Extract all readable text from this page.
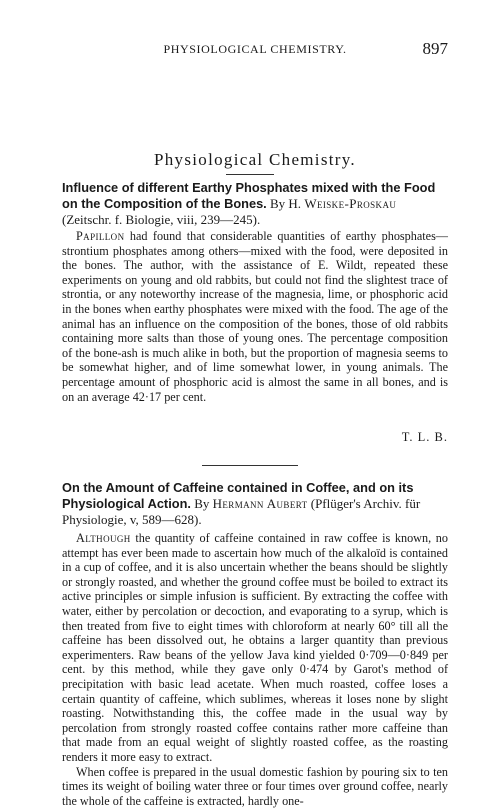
PHYSIOLOGICAL CHEMISTRY.	897
Physiological Chemistry.
Influence of different Earthy Phosphates mixed with the Food on the Composition of the Bones. By H. Weiske-Proskau (Zeitschr. f. Biologie, viii, 239—245).

Papillon had found that considerable quantities of earthy phosphates—strontium phosphates among others—mixed with the food, were deposited in the bones. The author, with the assistance of E. Wildt, repeated these experiments on young and old rabbits, but could not find the slightest trace of strontia, or any noteworthy increase of the magnesia, lime, or phosphoric acid in the bones when earthy phosphates were mixed with the food. The age of the animal has an influence on the composition of the bones, those of old rabbits containing more salts than those of young ones. The percentage composition of the bone-ash is much alike in both, but the proportion of magnesia seems to be somewhat higher, and of lime somewhat lower, in young animals. The percentage amount of phosphoric acid is almost the same in all bones, and is on an average 42·17 per cent.

T. L. B.
On the Amount of Caffeine contained in Coffee, and on its Physiological Action. By Hermann Aubert (Pflüger's Archiv. für Physiologie, v, 589—628).

Although the quantity of caffeine contained in raw coffee is known, no attempt has ever been made to ascertain how much of the alkaloïd is contained in a cup of coffee, and it is also uncertain whether the beans should be slightly or strongly roasted, and whether the ground coffee must be boiled to extract its active principles or simple infusion is sufficient. By extracting the coffee with water, either by percolation or decoction, and evaporating to a syrup, which is then treated from five to eight times with chloroform at nearly 60° till all the caffeine has been dissolved out, he obtains a larger quantity than previous experimenters. Raw beans of the yellow Java kind yielded 0·709—0·849 per cent. by this method, while they gave only 0·474 by Garot's method of precipitation with basic lead acetate. When much roasted, coffee loses a certain quantity of caffeine, which sublimes, whereas it loses none by slight roasting. Notwithstanding this, the coffee made in the usual way by percolation from strongly roasted coffee contains rather more caffeine than that made from an equal weight of slightly roasted coffee, as the roasting renders it more easy to extract.

When coffee is prepared in the usual domestic fashion by pouring six to ten times its weight of boiling water three or four times over ground coffee, nearly the whole of the caffeine is extracted, hardly one-
